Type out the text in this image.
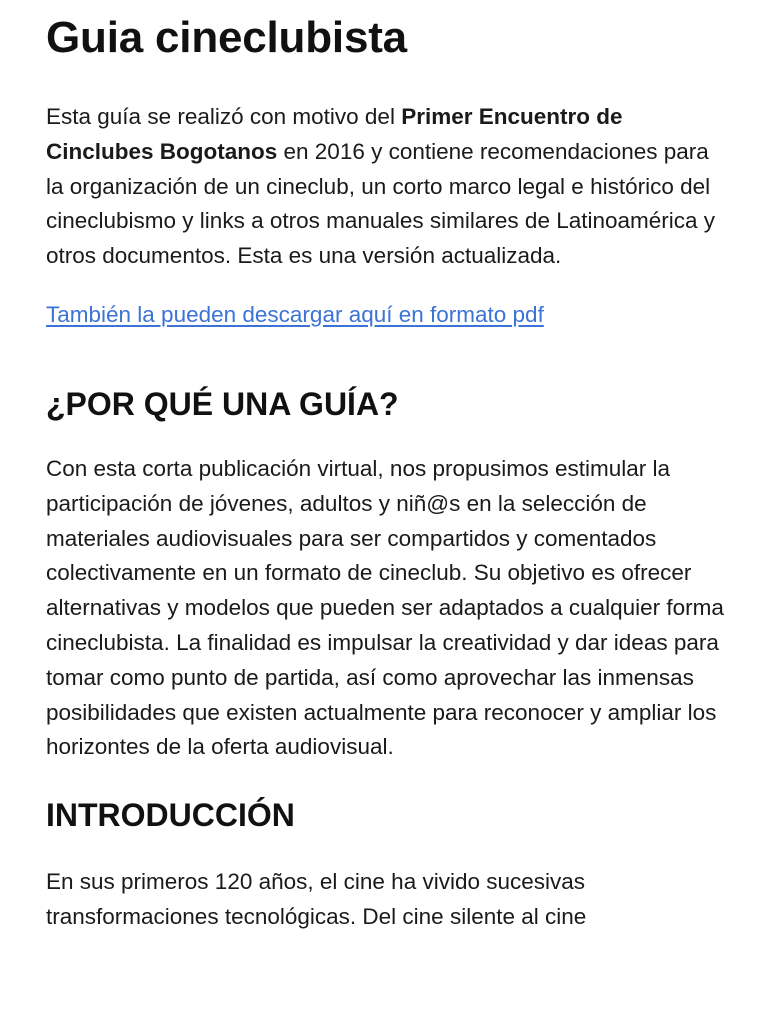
Guia cineclubista

Esta guía se realizó con motivo del Primer Encuentro de Cinclubes Bogotanos en 2016 y contiene recomendaciones para la organización de un cineclub, un corto marco legal e histórico del cineclubismo y links a otros manuales similares de Latinoamérica y otros documentos. Esta es una versión actualizada.

También la pueden descargar aquí en formato pdf
¿POR QUÉ UNA GUÍA?

Con esta corta publicación virtual, nos propusimos estimular la participación de jóvenes, adultos y niñ@s en la selección de materiales audiovisuales para ser compartidos y comentados colectivamente en un formato de cineclub. Su objetivo es ofrecer alternativas y modelos que pueden ser adaptados a cualquier forma cineclubista. La finalidad es impulsar la creatividad y dar ideas para tomar como punto de partida, así como aprovechar las inmensas posibilidades que existen actualmente para reconocer y ampliar los horizontes de la oferta audiovisual.

INTRODUCCIÓN

En sus primeros 120 años, el cine ha vivido sucesivas transformaciones tecnológicas. Del cine silente al cine
